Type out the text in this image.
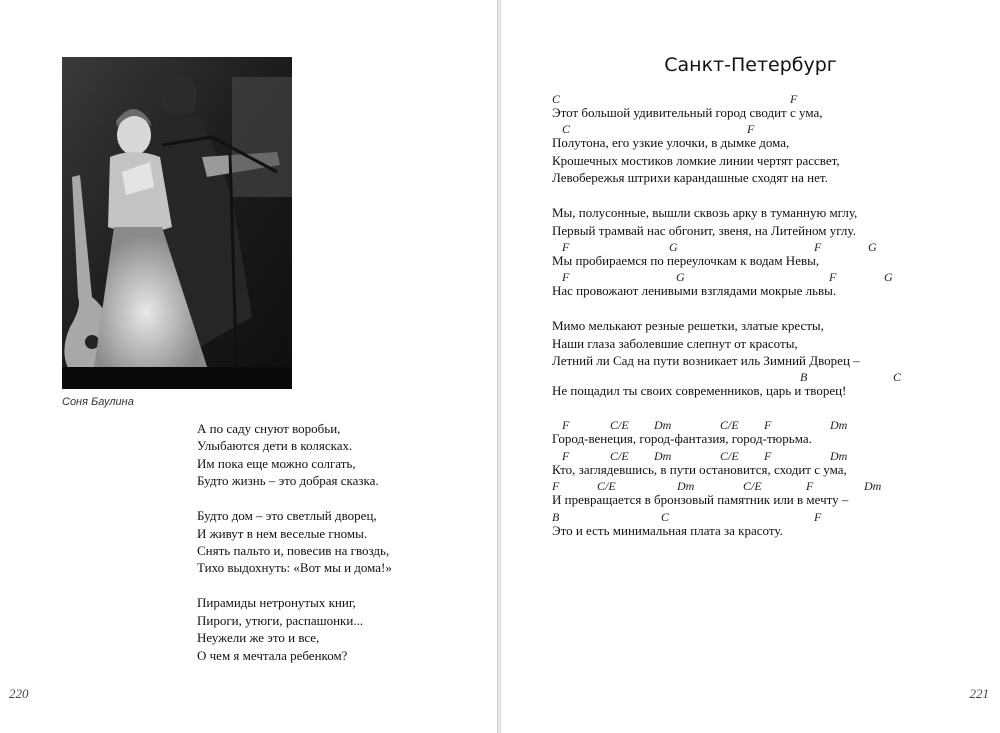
Соня Баулина
А по саду снуют воробьи,
Улыбаются дети в колясках.
Им пока еще можно солгать,
Будто жизнь – это добрая сказка.
Будто дом – это светлый дворец,
И живут в нем веселые гномы.
Снять пальто и, повесив на гвоздь,
Тихо выдохнуть: «Вот мы и дома!»
Пирамиды нетронутых книг,
Пироги, утюги, распашонки...
Неужели же это и все,
О чем я мечтала ребенком?
220
Санкт-Петербург
C	F
Этот большой удивительный город сводит с ума,
C	F
Полутона, его узкие улочки, в дымке дома,
Крошечных мостиков ломкие линии чертят рассвет,
Левобережья штрихи карандашные сходят на нет.
Мы, полусонные, вышли сквозь арку в туманную мглу,
Первый трамвай нас обгонит, звеня, на Литейном углу.
F	G	F	G
Мы пробираемся по переулочкам к водам Невы,
F	G	F	G
Нас провожают ленивыми взглядами мокрые львы.
Мимо мелькают резные решетки, златые кресты,
Наши глаза заболевшие слепнут от красоты,
Летний ли Сад на пути возникает иль Зимний Дворец –
B	C
Не пощадил ты своих современников, царь и творец!
F	C/E Dm	C/E F	Dm
Город-венеция, город-фантазия, город-тюрьма.
F	C/E Dm	C/E F	Dm
Кто, заглядевшись, в пути остановится, сходит с ума,
F	C/E	Dm	C/E	F	Dm
И превращается в бронзовый памятник или в мечту –
B	C	F
Это и есть минимальная плата за красоту.
221
